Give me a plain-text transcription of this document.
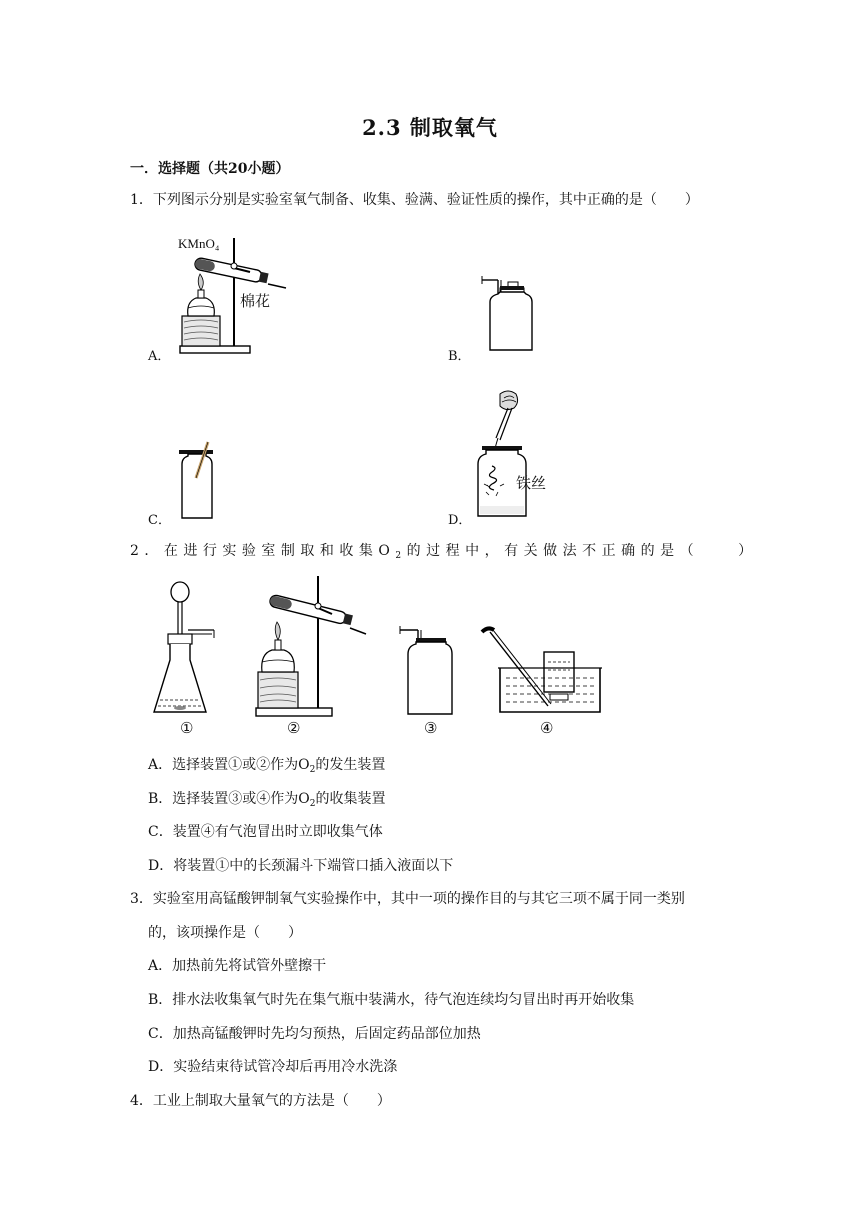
2.3 制取氧气
一．选择题（共20小题）
1．下列图示分别是实验室氧气制备、收集、验满、验证性质的操作，其中正确的是（　　）
KMnO₄
棉花
A．	B．
C．
铁丝
D．
2．在进行实验室制取和收集$O_2$的过程中，有关做法不正确的是（　　）
①	②	③	④
A．选择装置①或②作为$O_2$的发生装置
B．选择装置③或④作为$O_2$的收集装置
C．装置④有气泡冒出时立即收集气体
D．将装置①中的长颈漏斗下端管口插入液面以下
3．实验室用高锰酸钾制氧气实验操作中，其中一项的操作目的与其它三项不属于同一类别
的，该项操作是（　　）
A．加热前先将试管外壁擦干
B．排水法收集氧气时先在集气瓶中装满水，待气泡连续均匀冒出时再开始收集
C．加热高锰酸钾时先均匀预热，后固定药品部位加热
D．实验结束待试管冷却后再用冷水洗涤
4．工业上制取大量氧气的方法是（　　）
